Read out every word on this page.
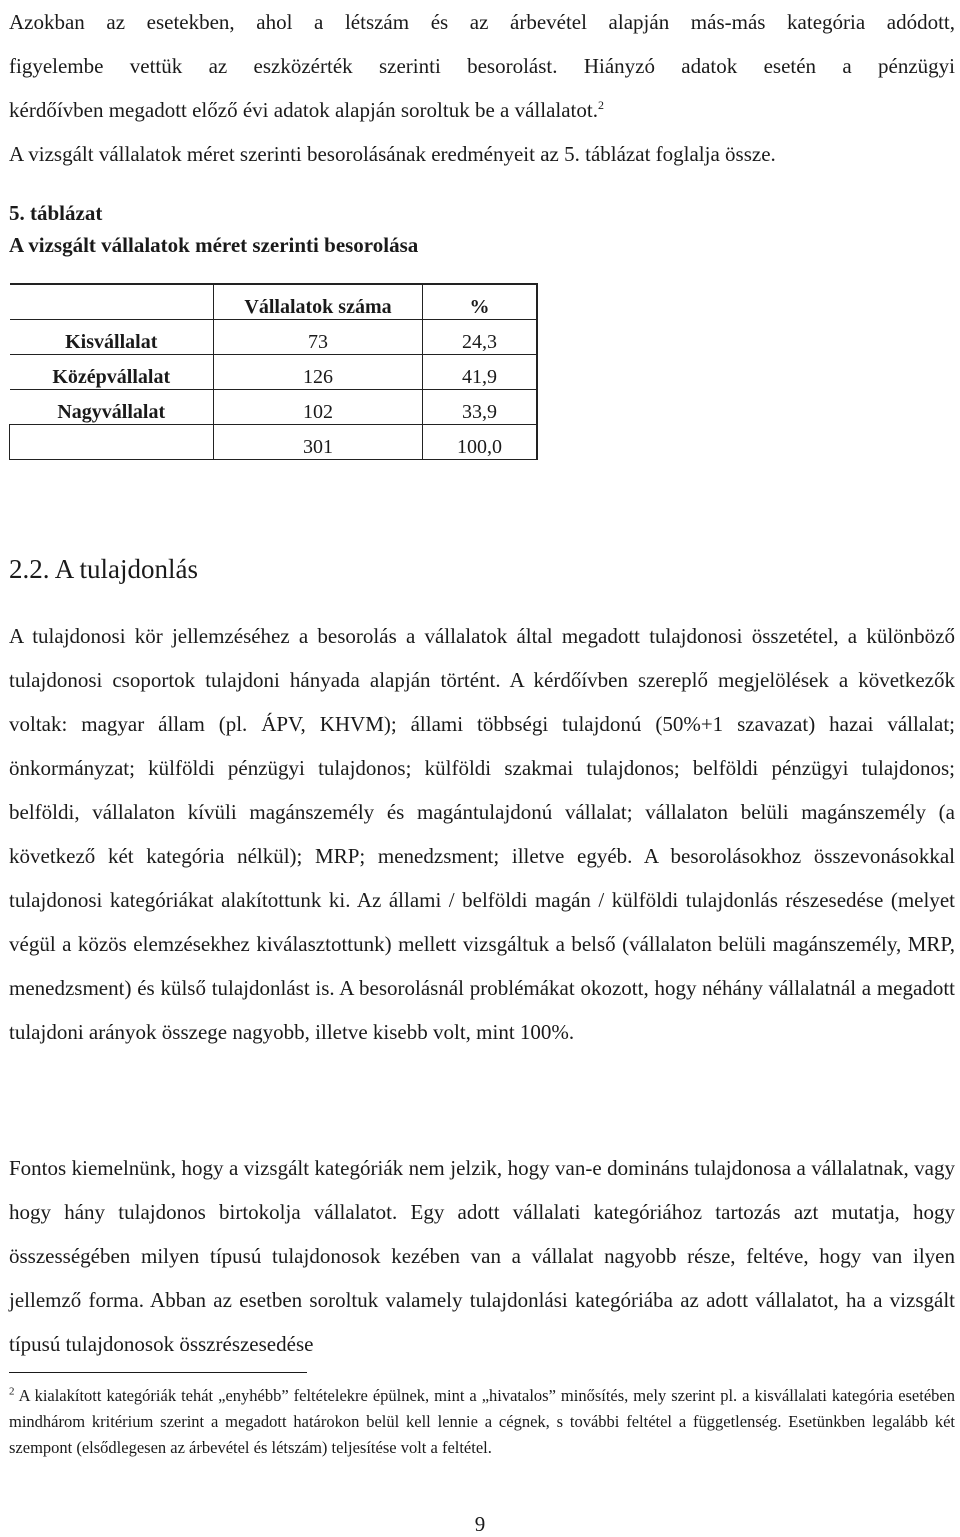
Azokban az esetekben, ahol a létszám és az árbevétel alapján más-más kategória adódott,
figyelembe vettük az eszközérték szerinti besorolást. Hiányzó adatok esetén a pénzügyi
kérdőívben megadott előző évi adatok alapján soroltuk be a vállalatot.$^2$
A vizsgált vállalatok méret szerinti besorolásának eredményeit az 5. táblázat foglalja össze.
5. táblázat
A vizsgált vállalatok méret szerinti besorolása
	Vállalatok száma	%
Kisvállalat	73	24,3
Középvállalat	126	41,9
Nagyvállalat	102	33,9
	301	100,0
2.2. A tulajdonlás

A tulajdonosi kör jellemzéséhez a besorolás a vállalatok által megadott tulajdonosi összetétel, a különböző tulajdonosi csoportok tulajdoni hányada alapján történt. A kérdőívben szereplő megjelölések a következők voltak: magyar állam (pl. ÁPV, KHVM); állami többségi tulajdonú (50%+1 szavazat) hazai vállalat; önkormányzat; külföldi pénzügyi tulajdonos; külföldi szakmai tulajdonos; belföldi pénzügyi tulajdonos; belföldi, vállalaton kívüli magánszemély és magántulajdonú vállalat; vállalaton belüli magánszemély (a következő két kategória nélkül); MRP; menedzsment; illetve egyéb. A besorolásokhoz összevonásokkal tulajdonosi kategóriákat alakítottunk ki. Az állami / belföldi magán / külföldi tulajdonlás részesedése (melyet végül a közös elemzésekhez kiválasztottunk) mellett vizsgáltuk a belső (vállalaton belüli magánszemély, MRP, menedzsment) és külső tulajdonlást is. A besorolásnál problémákat okozott, hogy néhány vállalatnál a megadott tulajdoni arányok összege nagyobb, illetve kisebb volt, mint 100%.

Fontos kiemelnünk, hogy a vizsgált kategóriák nem jelzik, hogy van-e domináns tulajdonosa a vállalatnak, vagy hogy hány tulajdonos birtokolja vállalatot. Egy adott vállalati kategóriához tartozás azt mutatja, hogy összességében milyen típusú tulajdonosok kezében van a vállalat nagyobb része, feltéve, hogy van ilyen jellemző forma. Abban az esetben soroltuk valamely tulajdonlási kategóriába az adott vállalatot, ha a vizsgált típusú tulajdonosok összrészesedése

$^2$ A kialakított kategóriák tehát „enyhébb” feltételekre épülnek, mint a „hivatalos” minősítés, mely szerint pl. a kisvállalati kategória esetében mindhárom kritérium szerint a megadott határokon belül kell lennie a cégnek, s további feltétel a függetlenség. Esetünkben legalább két szempont (elsődlegesen az árbevétel és létszám) teljesítése volt a feltétel.

9
